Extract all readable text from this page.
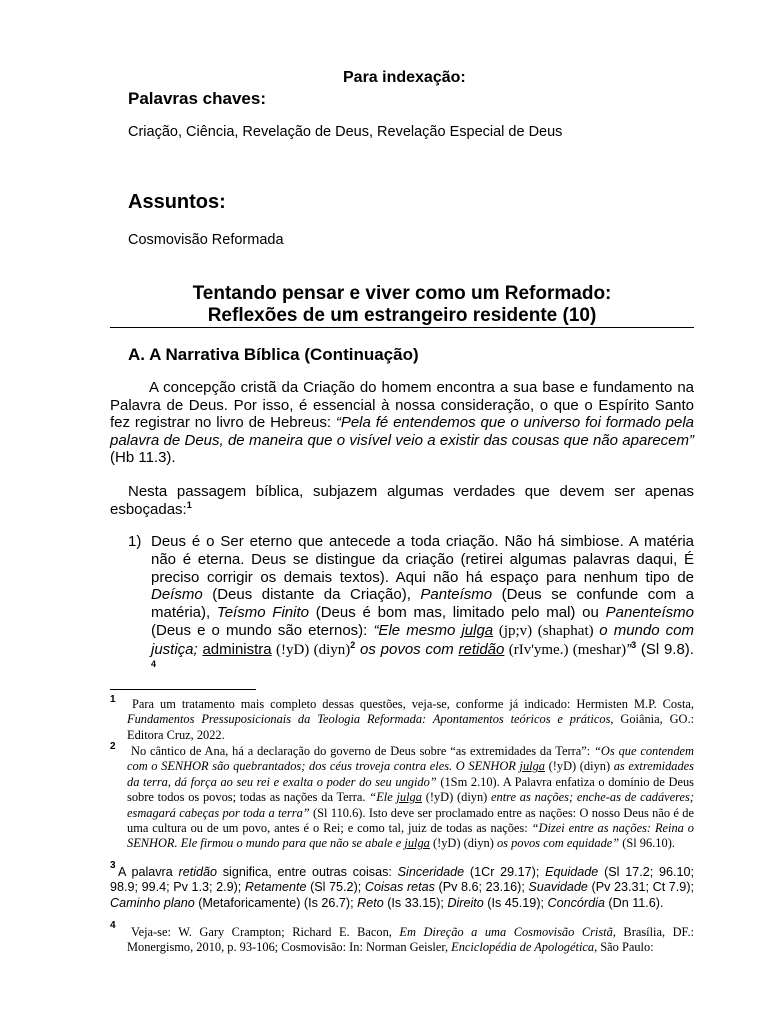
Para indexação:
Palavras chaves:
Criação, Ciência, Revelação de Deus, Revelação Especial de Deus
Assuntos:
Cosmovisão Reformada
Tentando pensar e viver como um Reformado:
Reflexões de um estrangeiro residente (10)
A. A Narrativa Bíblica (Continuação)
A concepção cristã da Criação do homem encontra a sua base e fundamento na Palavra de Deus. Por isso, é essencial à nossa consideração, o que o Espírito Santo fez registrar no livro de Hebreus: “Pela fé entendemos que o universo foi formado pela palavra de Deus, de maneira que o visível veio a existir das cousas que não aparecem” (Hb 11.3).
Nesta passagem bíblica, subjazem algumas verdades que devem ser apenas esboçadas:$^1$
1) Deus é o Ser eterno que antecede a toda criação. Não há simbiose. A matéria não é eterna. Deus se distingue da criação (retirei algumas palavras daqui, É preciso corrigir os demais textos). Aqui não há espaço para nenhum tipo de Deísmo (Deus distante da Criação), Panteísmo (Deus se confunde com a matéria), Teísmo Finito (Deus é bom mas, limitado pelo mal) ou Panenteísmo (Deus e o mundo são eternos): “Ele mesmo julga (jp;v) (shaphat) o mundo com justiça; administra (!yD) (diyn)$^2$ os povos com retidão (rIv'yme.) (meshar)”$^3$ (Sl 9.8). $^4$
1	Para um tratamento mais completo dessas questões, veja-se, conforme já indicado: Hermisten M.P. Costa, Fundamentos Pressuposicionais da Teologia Reformada: Apontamentos teóricos e práticos, Goiânia, GO.: Editora Cruz, 2022.
2	No cântico de Ana, há a declaração do governo de Deus sobre “as extremidades da Terra”: “Os que contendem com o SENHOR são quebrantados; dos céus troveja contra eles. O SENHOR julga (!yD) (diyn) as extremidades da terra, dá força ao seu rei e exalta o poder do seu ungido” (1Sm 2.10). A Palavra enfatiza o domínio de Deus sobre todos os povos; todas as nações da Terra. “Ele julga (!yD) (diyn) entre as nações; enche-as de cadáveres; esmagará cabeças por toda a terra” (Sl 110.6). Isto deve ser proclamado entre as nações: O nosso Deus não é de uma cultura ou de um povo, antes é o Rei; e como tal, juiz de todas as nações: “Dizei entre as nações: Reina o SENHOR. Ele firmou o mundo para que não se abale e julga (!yD) (diyn) os povos com equidade” (Sl 96.10).
3 A palavra retidão significa, entre outras coisas: Sinceridade (1Cr 29.17); Equidade (Sl 17.2; 96.10; 98.9; 99.4; Pv 1.3; 2.9); Retamente (Sl 75.2); Coisas retas (Pv 8.6; 23.16); Suavidade (Pv 23.31; Ct 7.9); Caminho plano (Metaforicamente) (Is 26.7); Reto (Is 33.15); Direito (Is 45.19); Concórdia (Dn 11.6).
4	Veja-se: W. Gary Crampton; Richard E. Bacon, Em Direção a uma Cosmovisão Cristã, Brasília, DF.: Monergismo, 2010, p. 93-106; Cosmovisão: In: Norman Geisler, Enciclopédia de Apologética, São Paulo:
